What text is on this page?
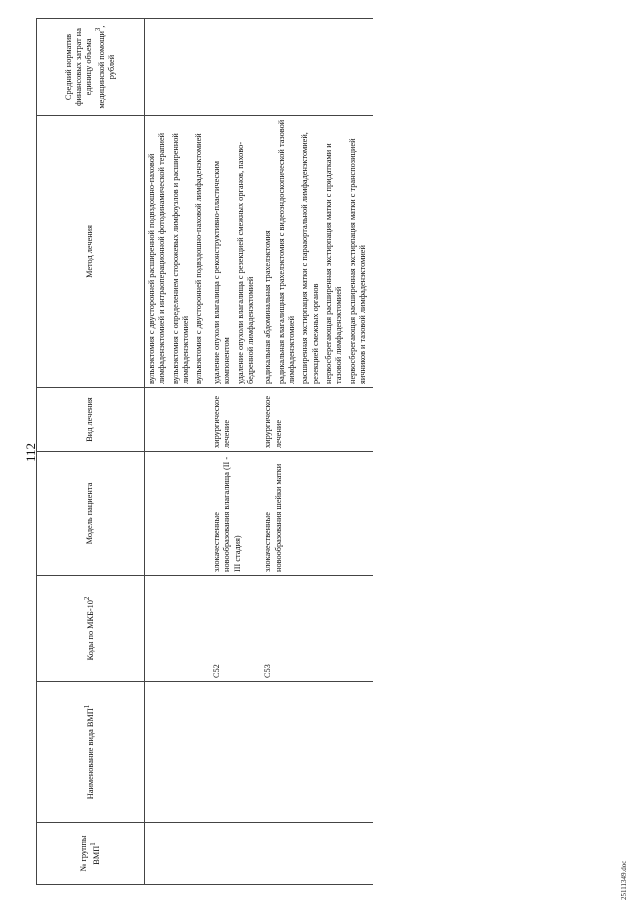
112
№ группы ВМП$^1$	Наименование вида ВМП$^1$	Коды по МКБ-$10^2$	Модель пациента	Вид лечения	Метод лечения	Средний норматив финансовых затрат на единицу объема медицинской помощи$^3$, рублей

					вульвэктомия с двусторонней расширенной подвздошно-паховой лимфаденэктомией и интраоперационной фотодинамической терапией вульвэктомия с определением сторожевых лимфоузлов и расширенной лимфаденэктомией вульвэктомия с двусторонней подвздошно-паховой лимфаденэктомией	

		C52	злокачественные новообразования влагалища (II - III стадия)	хирургическое лечение	удаление опухоли влагалища с реконструктивно-пластическим компонентом удаление опухоли влагалища с резекцией смежных органов, пахово-бедренной лимфаденэктомией	

		C53	злокачественные новообразования шейки матки	хирургическое лечение	радикальная абдоминальная трахелэктомия радикальная влагалищная трахелэктомия с видеоэндоскопической тазовой лимфаденэктомией расширенная экстирпация матки с парааортальной лимфаденэктомией, резекцией смежных органов нервосберегающая расширенная экстирпация матки с придатками и тазовой лимфаденэктомией нервосберегающая расширенная экстирпация матки с транспозицией яичников и тазовой лимфаденэктомией	

25111349.doc
